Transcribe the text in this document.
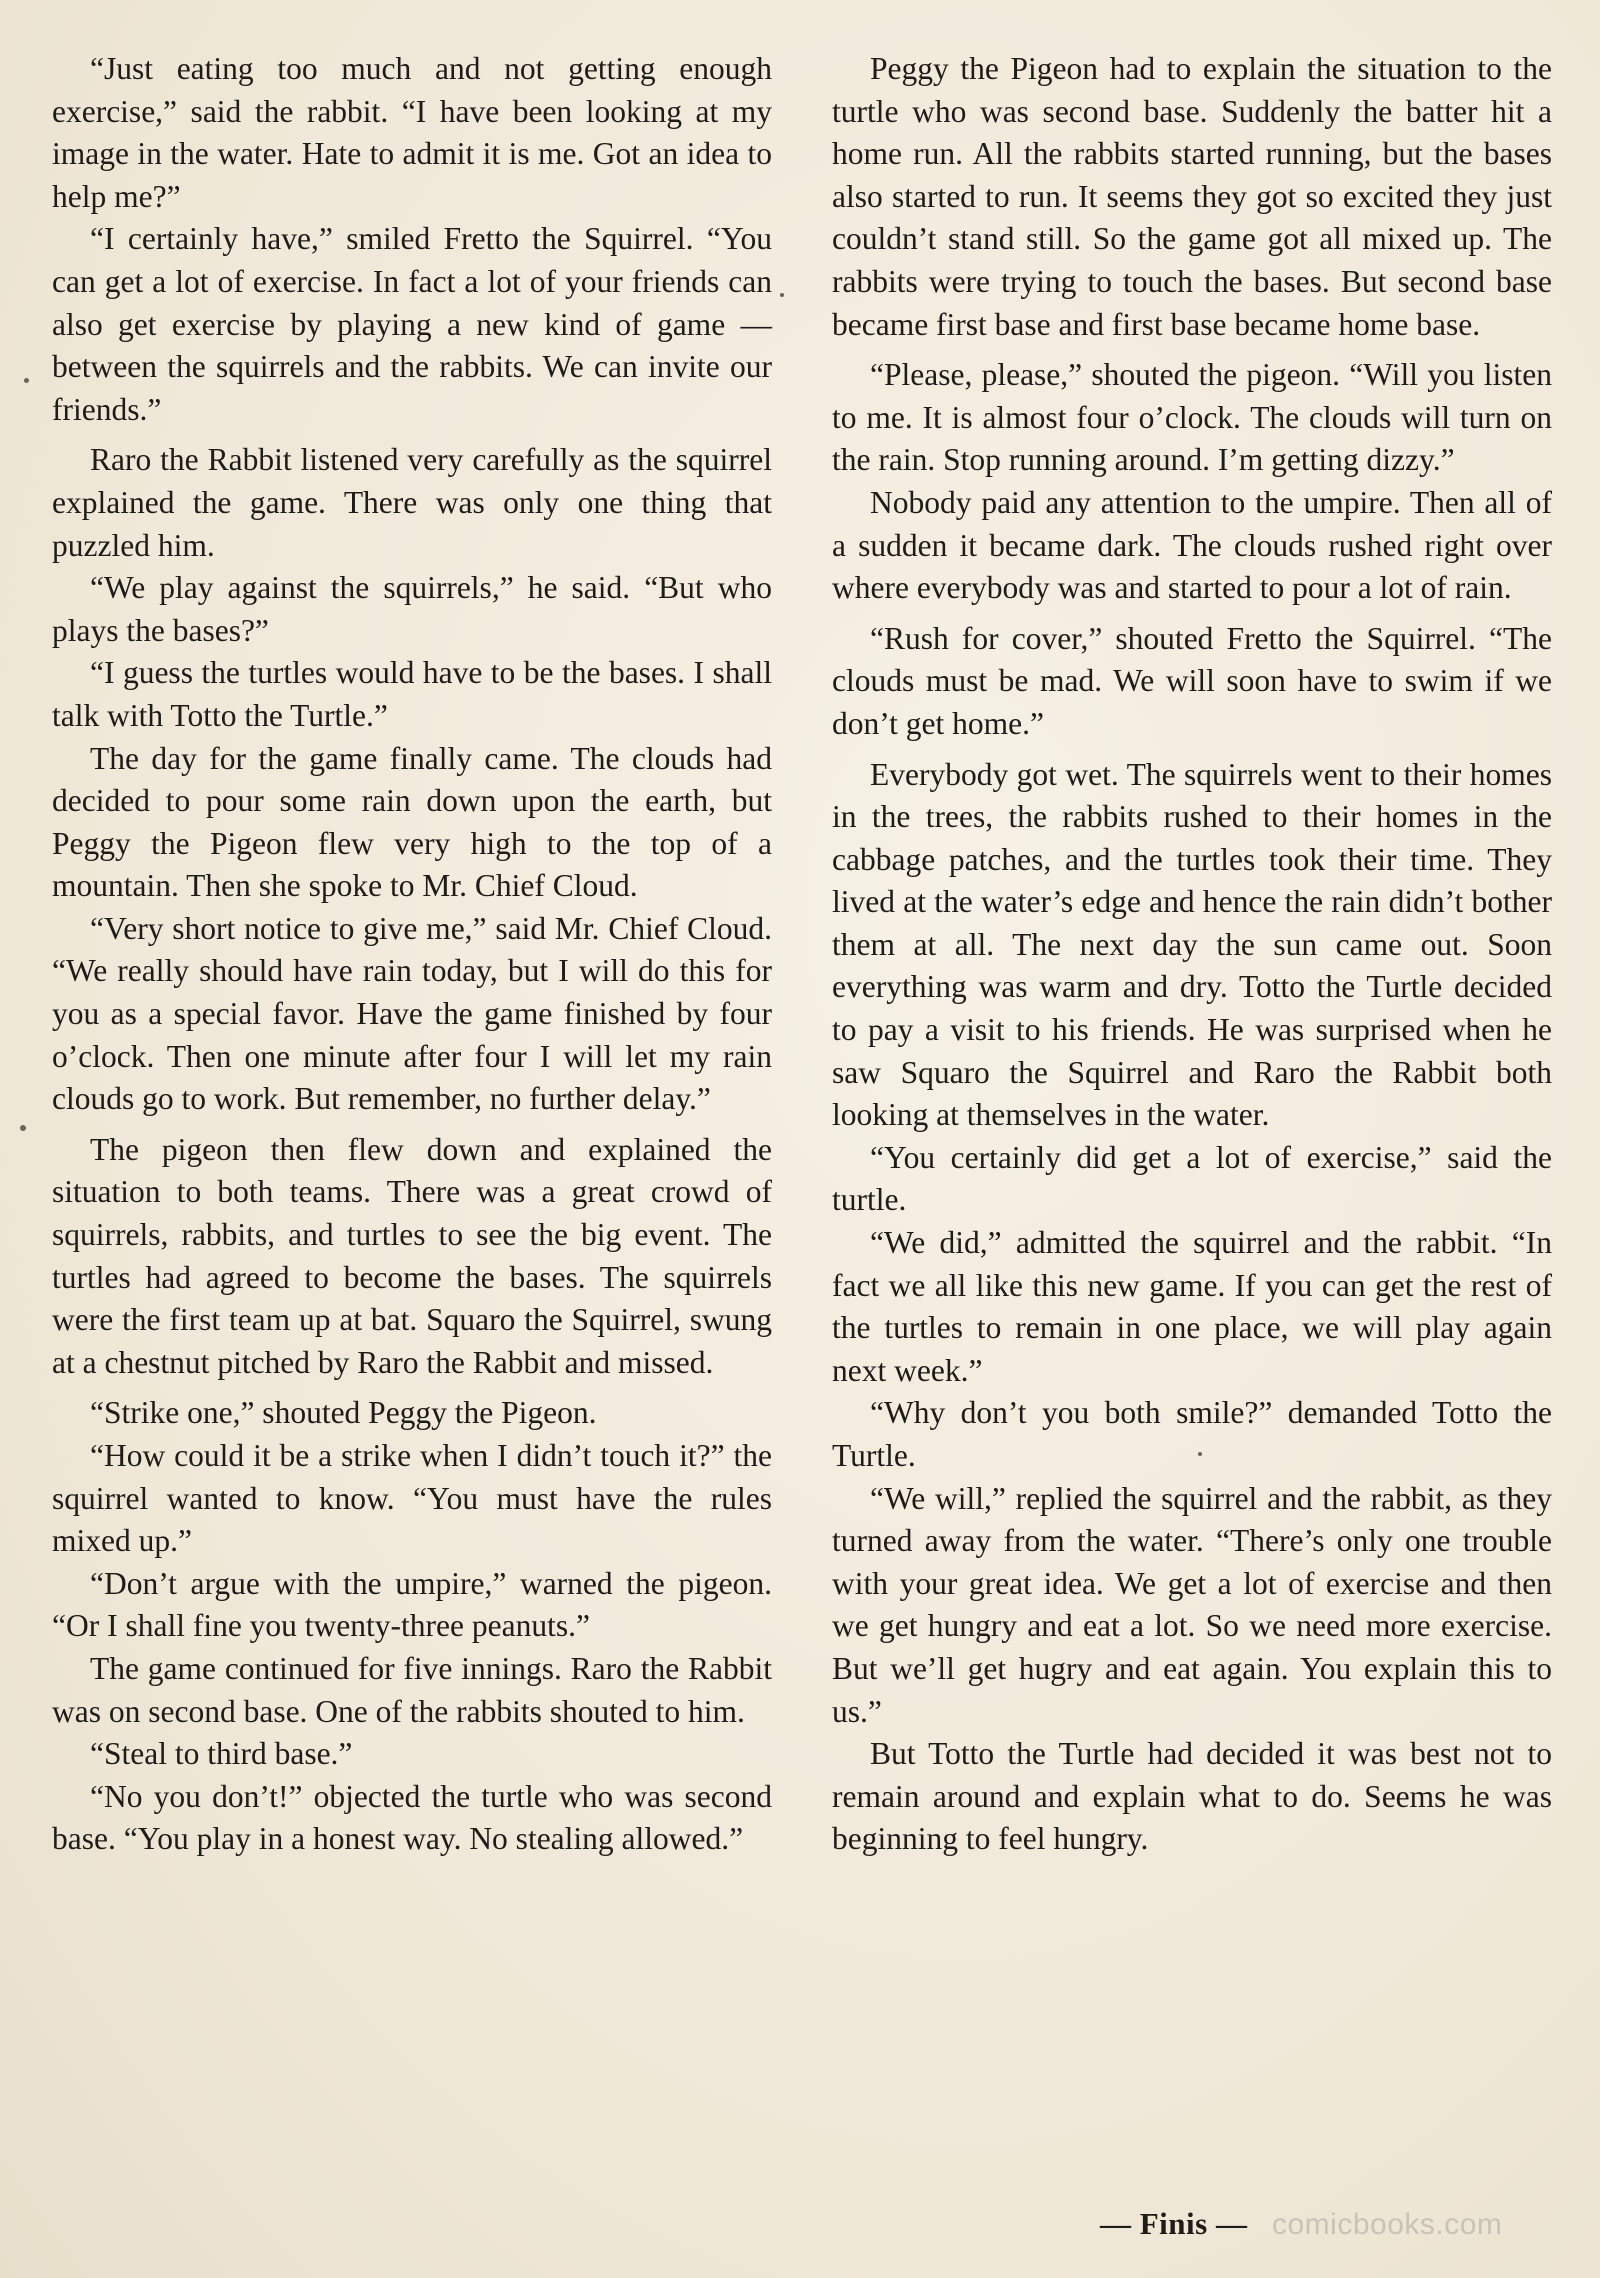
“Just eating too much and not getting enough exercise,” said the rabbit. “I have been looking at my image in the water. Hate to admit it is me. Got an idea to help me?”

“I certainly have,” smiled Fretto the Squirrel. “You can get a lot of exercise. In fact a lot of your friends can also get exercise by playing a new kind of game — between the squirrels and the rabbits. We can invite our friends.”

Raro the Rabbit listened very carefully as the squirrel explained the game. There was only one thing that puzzled him.

“We play against the squirrels,” he said. “But who plays the bases?”

“I guess the turtles would have to be the bases. I shall talk with Totto the Turtle.”

The day for the game finally came. The clouds had decided to pour some rain down upon the earth, but Peggy the Pigeon flew very high to the top of a mountain. Then she spoke to Mr. Chief Cloud.

“Very short notice to give me,” said Mr. Chief Cloud. “We really should have rain today, but I will do this for you as a special favor. Have the game finished by four o’clock. Then one minute after four I will let my rain clouds go to work. But remember, no further delay.”

The pigeon then flew down and explained the situation to both teams. There was a great crowd of squirrels, rabbits, and turtles to see the big event. The turtles had agreed to become the bases. The squirrels were the first team up at bat. Squaro the Squirrel, swung at a chestnut pitched by Raro the Rabbit and missed.

“Strike one,” shouted Peggy the Pigeon.

“How could it be a strike when I didn’t touch it?” the squirrel wanted to know. “You must have the rules mixed up.”

“Don’t argue with the umpire,” warned the pigeon. “Or I shall fine you twenty-three peanuts.”

The game continued for five innings. Raro the Rabbit was on second base. One of the rabbits shouted to him.

“Steal to third base.”

“No you don’t!” objected the turtle who was second base. “You play in a honest way. No stealing allowed.”

Peggy the Pigeon had to explain the situation to the turtle who was second base. Suddenly the batter hit a home run. All the rabbits started running, but the bases also started to run. It seems they got so excited they just couldn’t stand still. So the game got all mixed up. The rabbits were trying to touch the bases. But second base became first base and first base became home base.

“Please, please,” shouted the pigeon. “Will you listen to me. It is almost four o’clock. The clouds will turn on the rain. Stop running around. I’m getting dizzy.”

Nobody paid any attention to the umpire. Then all of a sudden it became dark. The clouds rushed right over where everybody was and started to pour a lot of rain.

“Rush for cover,” shouted Fretto the Squirrel. “The clouds must be mad. We will soon have to swim if we don’t get home.”

Everybody got wet. The squirrels went to their homes in the trees, the rabbits rushed to their homes in the cabbage patches, and the turtles took their time. They lived at the water’s edge and hence the rain didn’t bother them at all. The next day the sun came out. Soon everything was warm and dry. Totto the Turtle decided to pay a visit to his friends. He was surprised when he saw Squaro the Squirrel and Raro the Rabbit both looking at themselves in the water.

“You certainly did get a lot of exercise,” said the turtle.

“We did,” admitted the squirrel and the rabbit. “In fact we all like this new game. If you can get the rest of the turtles to remain in one place, we will play again next week.”

“Why don’t you both smile?” demanded Totto the Turtle.

“We will,” replied the squirrel and the rabbit, as they turned away from the water. “There’s only one trouble with your great idea. We get a lot of exercise and then we get hungry and eat a lot. So we need more exercise. But we’ll get hugry and eat again. You explain this to us.”

But Totto the Turtle had decided it was best not to remain around and explain what to do. Seems he was beginning to feel hungry.

— Finis — comicbooks.com
